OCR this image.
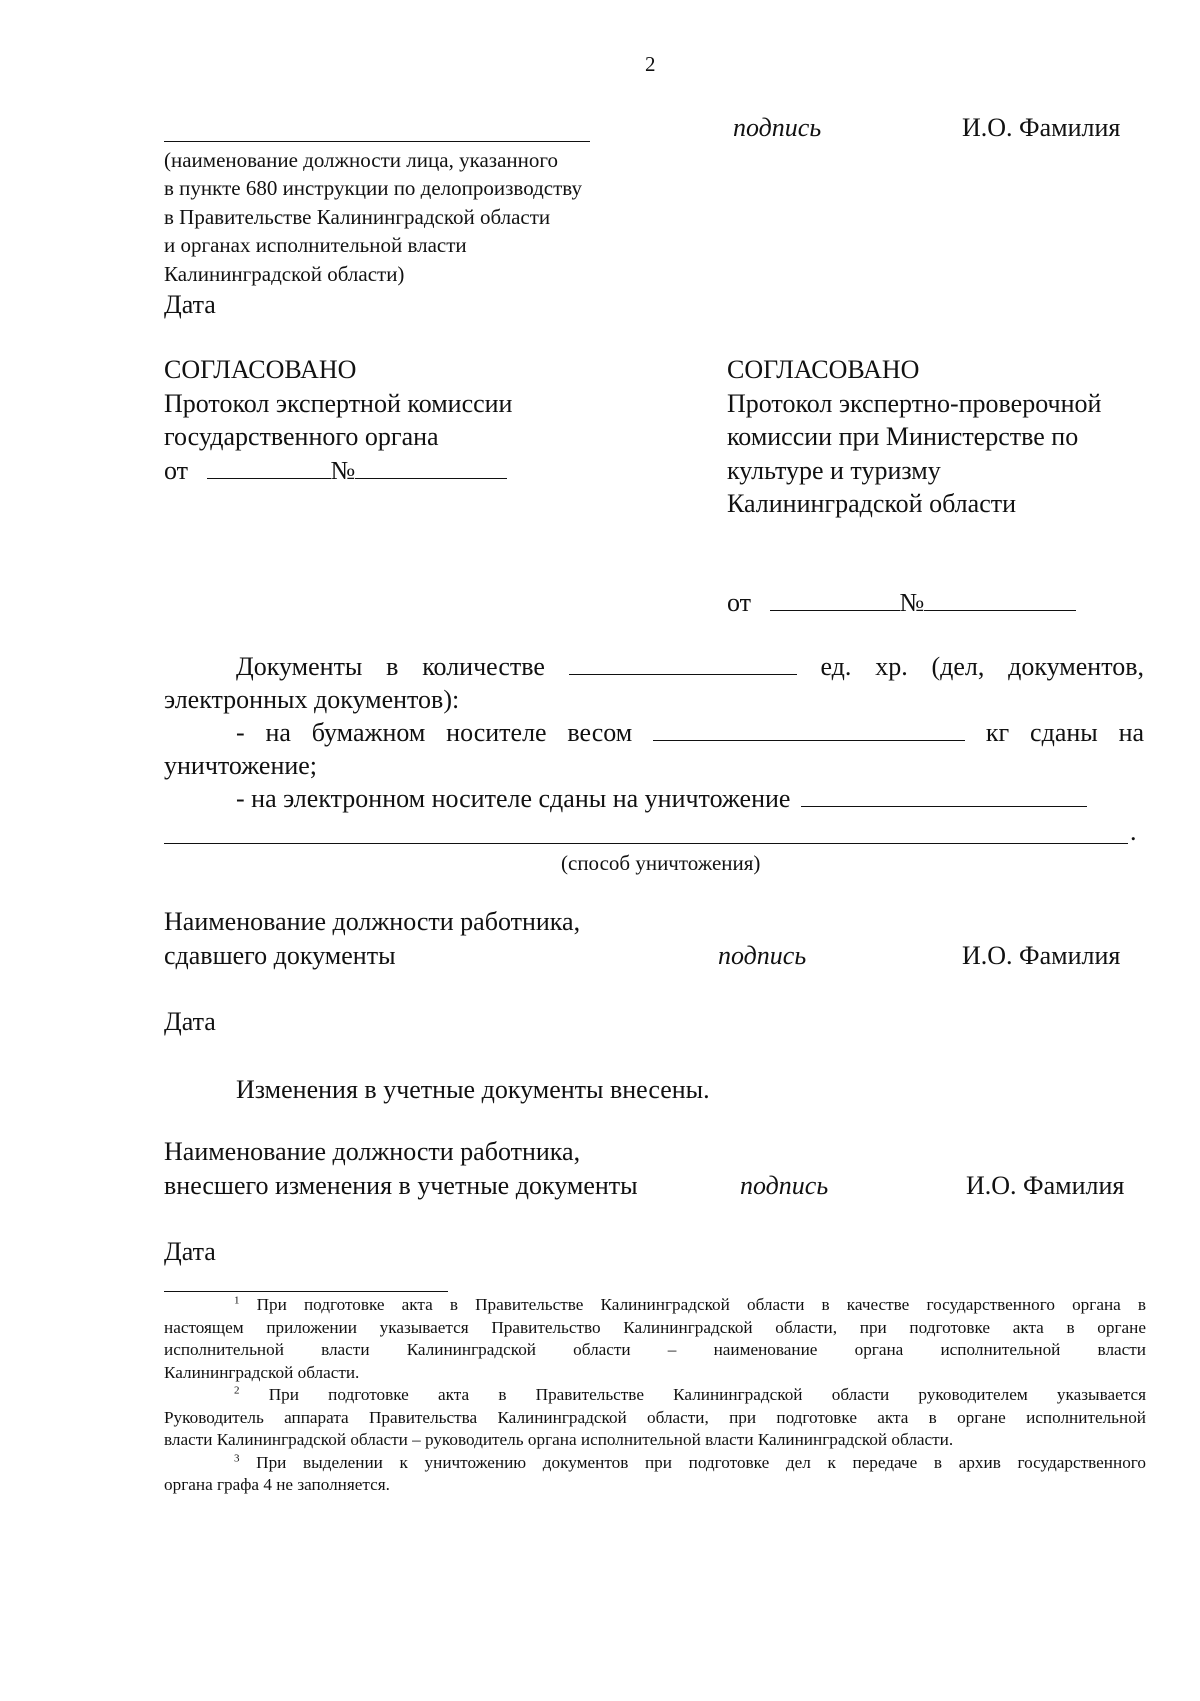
2
подпись	И.О. Фамилия
(наименование должности лица, указанного
в пункте 680 инструкции по делопроизводству
в Правительстве Калининградской области
и органах исполнительной власти
Калининградской области)
Дата
СОГЛАСОВАНО
Протокол экспертной комиссии
государственного органа
от	№
СОГЛАСОВАНО
Протокол экспертно-проверочной
комиссии при Министерстве по
культуре и туризму
Калининградской области
от	№
Документы в количестве	ед. хр. (дел, документов,
электронных документов):
- на бумажном носителе весом	кг сданы на
уничтожение;
- на электронном носителе сданы на уничтожение
.
(способ уничтожения)
Наименование должности работника,
сдавшего документы	подпись	И.О. Фамилия
Дата
Изменения в учетные документы внесены.
Наименование должности работника,
внесшего изменения в учетные документы	подпись	И.О. Фамилия
Дата
$^1$ При подготовке акта в Правительстве Калининградской области в качестве государственного органа в
настоящем приложении указывается Правительство Калининградской области, при подготовке акта в органе
исполнительной власти Калининградской области – наименование органа исполнительной власти
Калининградской области.
$^2$ При подготовке акта в Правительстве Калининградской области руководителем указывается
Руководитель аппарата Правительства Калининградской области, при подготовке акта в органе исполнительной
власти Калининградской области – руководитель органа исполнительной власти Калининградской области.
$^3$ При выделении к уничтожению документов при подготовке дел к передаче в архив государственного
органа графа 4 не заполняется.
